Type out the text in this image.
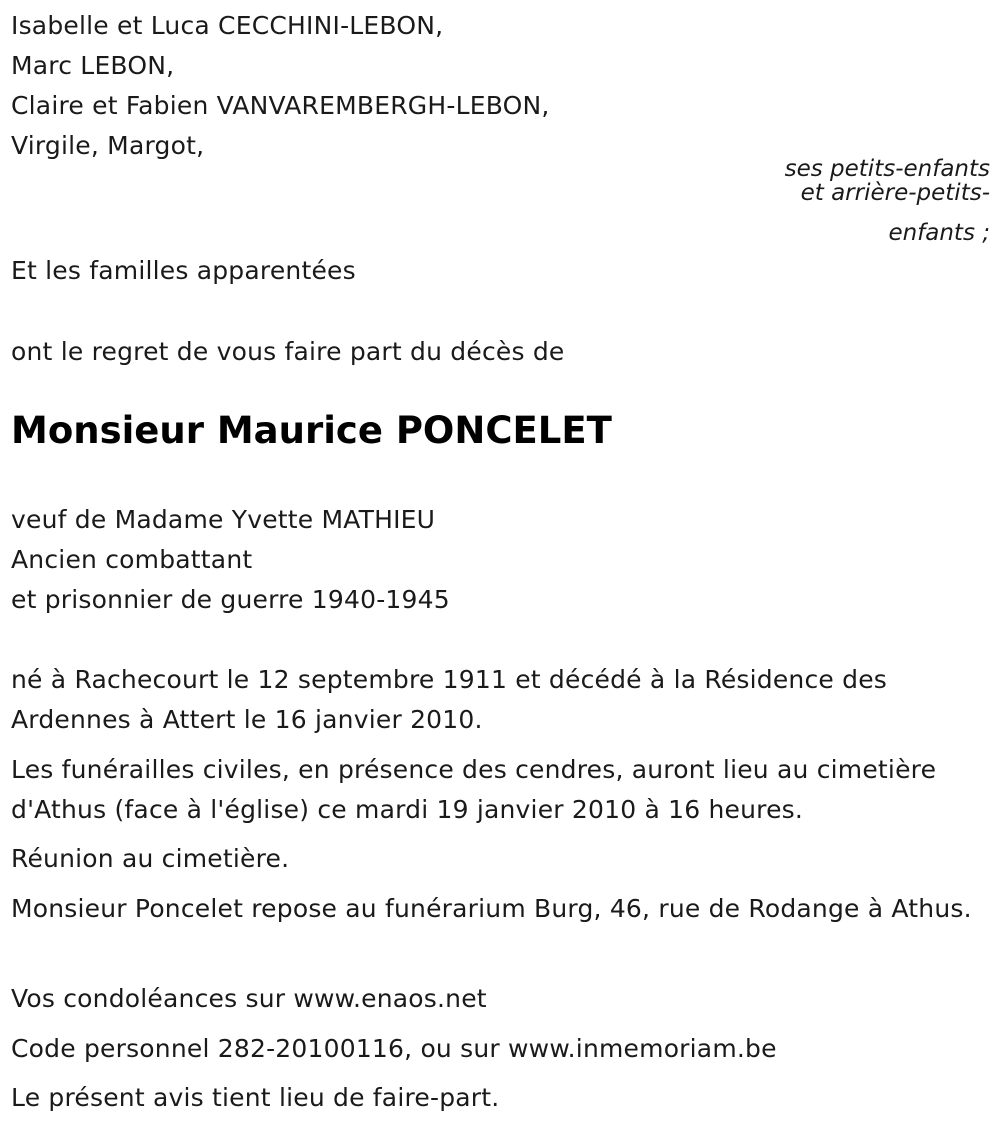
Isabelle et Luca CECCHINI-LEBON,
Marc LEBON,
Claire et Fabien VANVAREMBERGH-LEBON,
Virgile, Margot,
ses petits-enfants
et arrière-petits-
enfants ;
Et les familles apparentées
ont le regret de vous faire part du décès de
Monsieur Maurice PONCELET
veuf de Madame Yvette MATHIEU
Ancien combattant
et prisonnier de guerre 1940-1945
né à Rachecourt le 12 septembre 1911 et décédé à la Résidence des Ardennes à Attert le 16 janvier 2010.
Les funérailles civiles, en présence des cendres, auront lieu au cimetière d'Athus (face à l'église) ce mardi 19 janvier 2010 à 16 heures.
Réunion au cimetière.
Monsieur Poncelet repose au funérarium Burg, 46, rue de Rodange à Athus.
Vos condoléances sur www.enaos.net
Code personnel 282-20100116, ou sur www.inmemoriam.be
Le présent avis tient lieu de faire-part.
